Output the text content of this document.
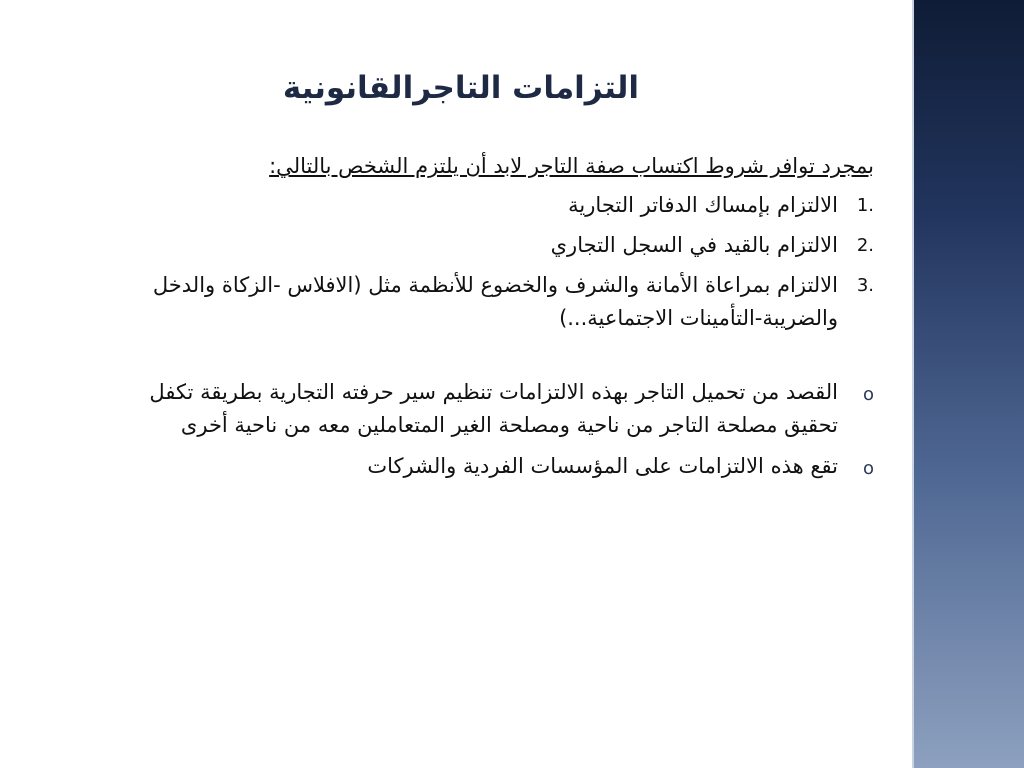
التزامات التاجرالقانونية
بمجرد توافر شروط اكتساب صفة التاجر لابد أن يلتزم الشخص بالتالي:
.1
الالتزام بإمساك الدفاتر التجارية
.2
الالتزام بالقيد في السجل التجاري
.3
الالتزام بمراعاة الأمانة والشرف والخضوع للأنظمة مثل (الافلاس -الزكاة والدخل والضريبة-التأمينات الاجتماعية...)
o
القصد من تحميل التاجر بهذه الالتزامات تنظيم سير حرفته التجارية بطريقة تكفل تحقيق مصلحة التاجر من ناحية ومصلحة الغير المتعاملين معه من ناحية أخرى
o
تقع هذه الالتزامات على المؤسسات الفردية والشركات
